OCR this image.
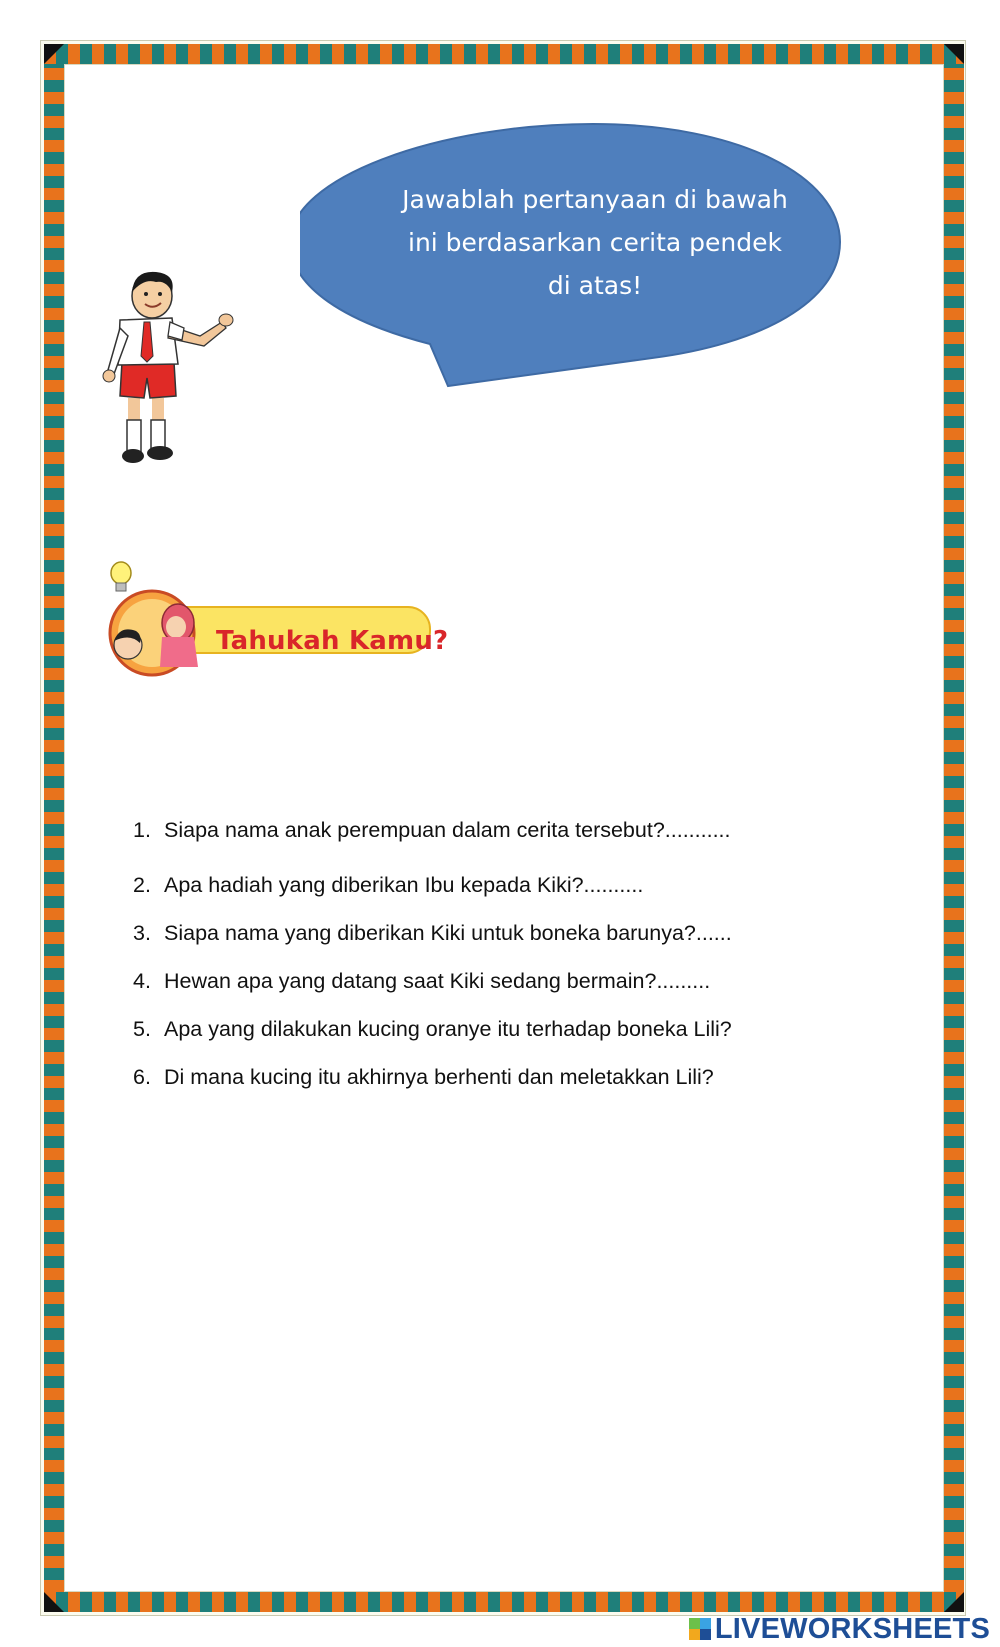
Jawablah pertanyaan di bawah
ini berdasarkan cerita pendek
di atas!
Tahukah Kamu?
1. Siapa nama anak perempuan dalam cerita tersebut?...........
2. Apa hadiah yang diberikan Ibu kepada Kiki?..........
3. Siapa nama yang diberikan Kiki untuk boneka barunya?......
4. Hewan apa yang datang saat Kiki sedang bermain?.........
5. Apa yang dilakukan kucing oranye itu terhadap boneka Lili?
6. Di mana kucing itu akhirnya berhenti dan meletakkan Lili?
LIVEWORKSHEETS
